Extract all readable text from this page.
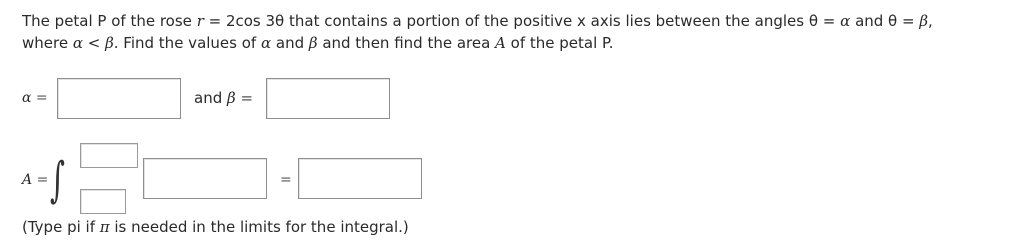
The petal P of the rose r = 2cos 3θ that contains a portion of the positive x axis lies between the angles θ = α and θ = β,
where α < β. Find the values of α and β and then find the area A of the petal P.
α =	and β =
A = ∫	=
(Type pi if π is needed in the limits for the integral.)
